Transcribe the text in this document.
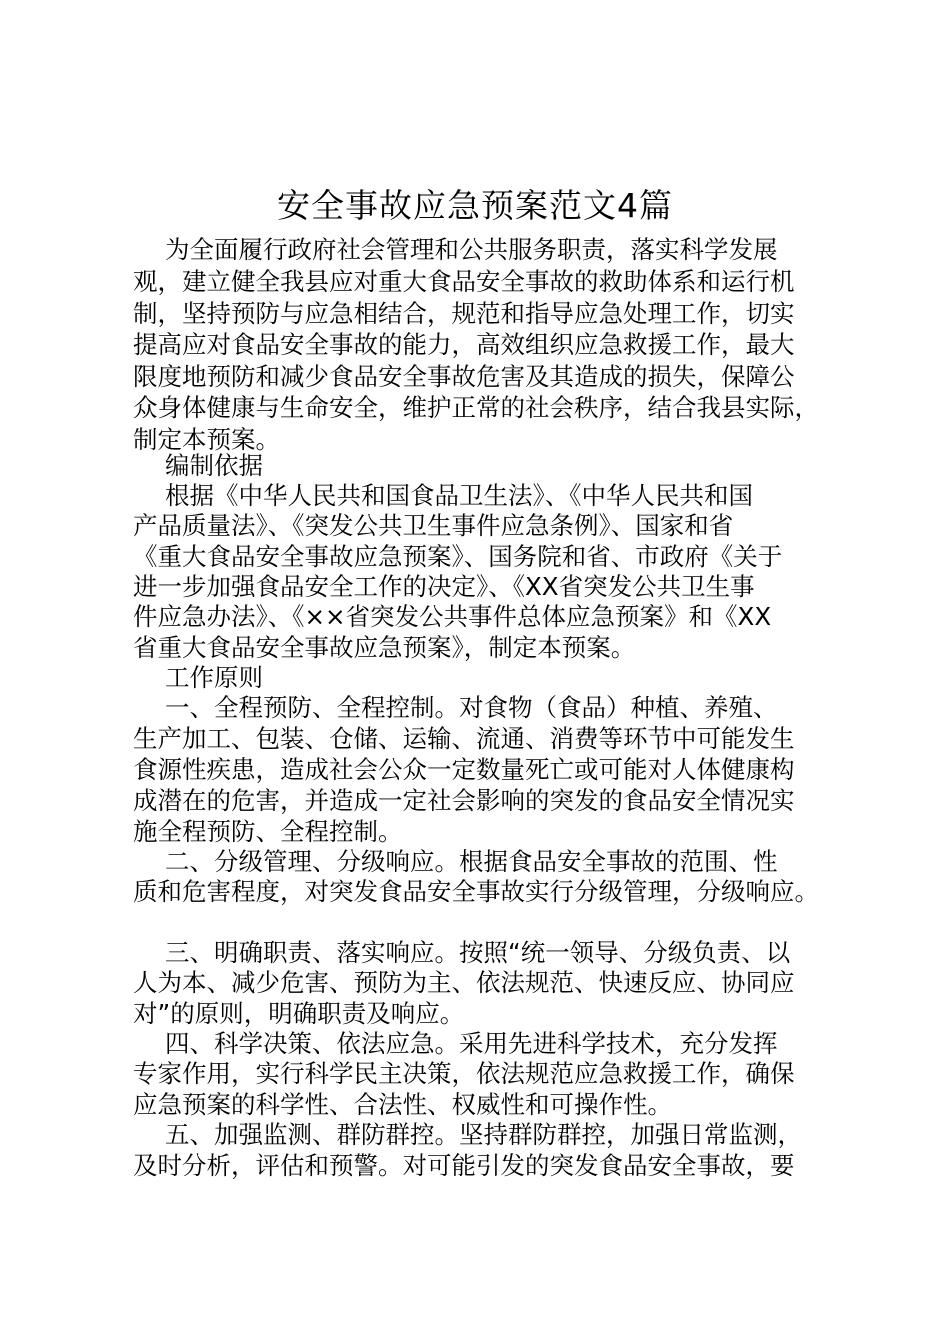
安全事故应急预案范文4篇
为全面履行政府社会管理和公共服务职责，落实科学发展
观，建立健全我县应对重大食品安全事故的救助体系和运行机
制，坚持预防与应急相结合，规范和指导应急处理工作，切实
提高应对食品安全事故的能力，高效组织应急救援工作，最大
限度地预防和减少食品安全事故危害及其造成的损失，保障公
众身体健康与生命安全，维护正常的社会秩序，结合我县实际，
制定本预案。
编制依据
根据《中华人民共和国食品卫生法》、《中华人民共和国
产品质量法》、《突发公共卫生事件应急条例》、国家和省
《重大食品安全事故应急预案》、国务院和省、市政府《关于
进一步加强食品安全工作的决定》、《XX省突发公共卫生事
件应急办法》、《××省突发公共事件总体应急预案》和《XX
省重大食品安全事故应急预案》，制定本预案。
工作原则
一、全程预防、全程控制。对食物（食品）种植、养殖、
生产加工、包装、仓储、运输、流通、消费等环节中可能发生
食源性疾患，造成社会公众一定数量死亡或可能对人体健康构
成潜在的危害，并造成一定社会影响的突发的食品安全情况实
施全程预防、全程控制。
二、分级管理、分级响应。根据食品安全事故的范围、性
质和危害程度，对突发食品安全事故实行分级管理，分级响应。
三、明确职责、落实响应。按照“统一领导、分级负责、以
人为本、减少危害、预防为主、依法规范、快速反应、协同应
对”的原则，明确职责及响应。
四、科学决策、依法应急。采用先进科学技术，充分发挥
专家作用，实行科学民主决策，依法规范应急救援工作，确保
应急预案的科学性、合法性、权威性和可操作性。
五、加强监测、群防群控。坚持群防群控，加强日常监测，
及时分析，评估和预警。对可能引发的突发食品安全事故，要
